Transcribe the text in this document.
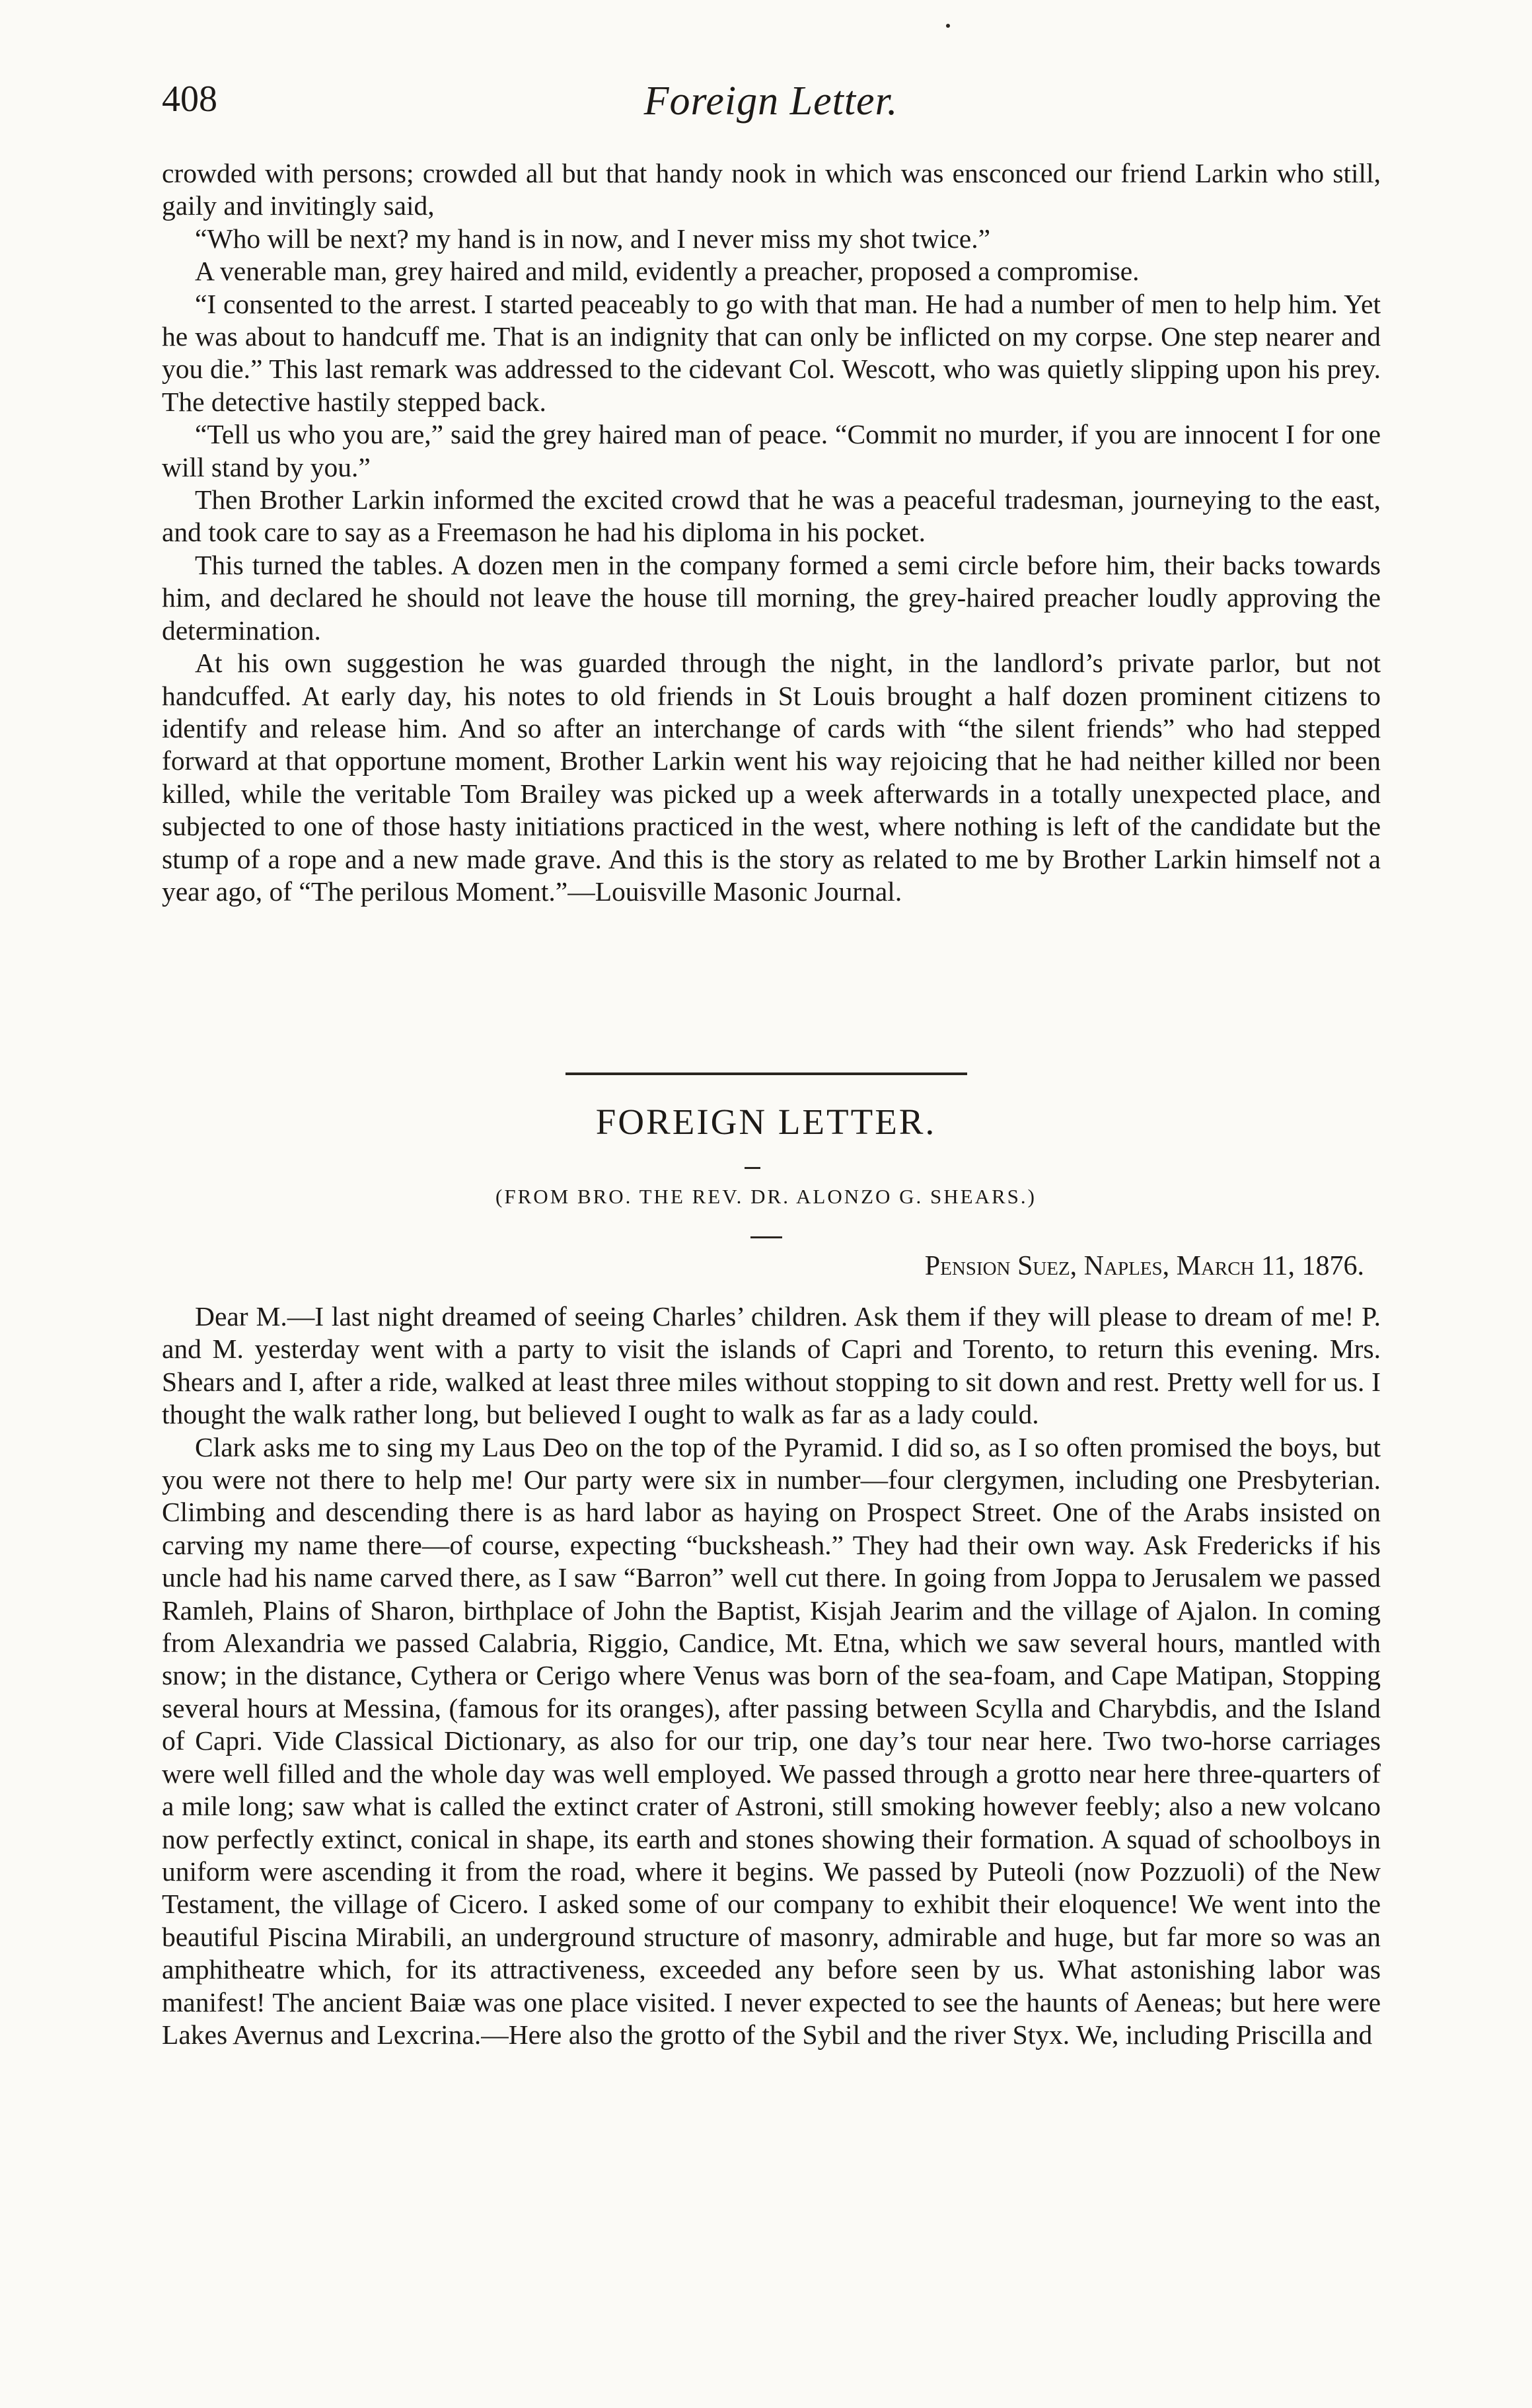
408	Foreign Letter.

crowded with persons; crowded all but that handy nook in which was ensconced our friend Larkin who still, gaily and invitingly said,

“Who will be next? my hand is in now, and I never miss my shot twice.”

A venerable man, grey haired and mild, evidently a preacher, proposed a compromise.

“I consented to the arrest. I started peaceably to go with that man. He had a number of men to help him. Yet he was about to handcuff me. That is an indignity that can only be inflicted on my corpse. One step nearer and you die.” This last remark was addressed to the cidevant Col. Wescott, who was quietly slipping upon his prey. The detective hastily stepped back.

“Tell us who you are,” said the grey haired man of peace. “Commit no murder, if you are innocent I for one will stand by you.”

Then Brother Larkin informed the excited crowd that he was a peaceful tradesman, journeying to the east, and took care to say as a Freemason he had his diploma in his pocket.

This turned the tables. A dozen men in the company formed a semi circle before him, their backs towards him, and declared he should not leave the house till morning, the grey-haired preacher loudly approving the determination.

At his own suggestion he was guarded through the night, in the landlord’s private parlor, but not handcuffed. At early day, his notes to old friends in St Louis brought a half dozen prominent citizens to identify and release him. And so after an interchange of cards with “the silent friends” who had stepped forward at that opportune moment, Brother Larkin went his way rejoicing that he had neither killed nor been killed, while the veritable Tom Brailey was picked up a week afterwards in a totally unexpected place, and subjected to one of those hasty initiations practiced in the west, where nothing is left of the candidate but the stump of a rope and a new made grave. And this is the story as related to me by Brother Larkin himself not a year ago, of “The perilous Moment.”—Louisville Masonic Journal.

FOREIGN LETTER.
(FROM BRO. THE REV. DR. ALONZO G. SHEARS.)
Pension Suez, Naples, March 11, 1876.

Dear M.—I last night dreamed of seeing Charles’ children. Ask them if they will please to dream of me! P. and M. yesterday went with a party to visit the islands of Capri and Torento, to return this evening. Mrs. Shears and I, after a ride, walked at least three miles without stopping to sit down and rest. Pretty well for us. I thought the walk rather long, but believed I ought to walk as far as a lady could.

Clark asks me to sing my Laus Deo on the top of the Pyramid. I did so, as I so often promised the boys, but you were not there to help me! Our party were six in number—four clergymen, including one Presbyterian. Climbing and descending there is as hard labor as haying on Prospect Street. One of the Arabs insisted on carving my name there—of course, expecting “bucksheash.” They had their own way. Ask Fredericks if his uncle had his name carved there, as I saw “Barron” well cut there. In going from Joppa to Jerusalem we passed Ramleh, Plains of Sharon, birthplace of John the Baptist, Kisjah Jearim and the village of Ajalon. In coming from Alexandria we passed Calabria, Riggio, Candice, Mt. Etna, which we saw several hours, mantled with snow; in the distance, Cythera or Cerigo where Venus was born of the sea-foam, and Cape Matipan, Stopping several hours at Messina, (famous for its oranges), after passing between Scylla and Charybdis, and the Island of Capri. Vide Classical Dictionary, as also for our trip, one day’s tour near here. Two two-horse carriages were well filled and the whole day was well employed. We passed through a grotto near here three-quarters of a mile long; saw what is called the extinct crater of Astroni, still smoking however feebly; also a new volcano now perfectly extinct, conical in shape, its earth and stones showing their formation. A squad of schoolboys in uniform were ascending it from the road, where it begins. We passed by Puteoli (now Pozzuoli) of the New Testament, the village of Cicero. I asked some of our company to exhibit their eloquence! We went into the beautiful Piscina Mirabili, an underground structure of masonry, admirable and huge, but far more so was an amphitheatre which, for its attractiveness, exceeded any before seen by us. What astonishing labor was manifest! The ancient Baiæ was one place visited. I never expected to see the haunts of Aeneas; but here were Lakes Avernus and Lexcrina.—Here also the grotto of the Sybil and the river Styx. We, including Priscilla and
